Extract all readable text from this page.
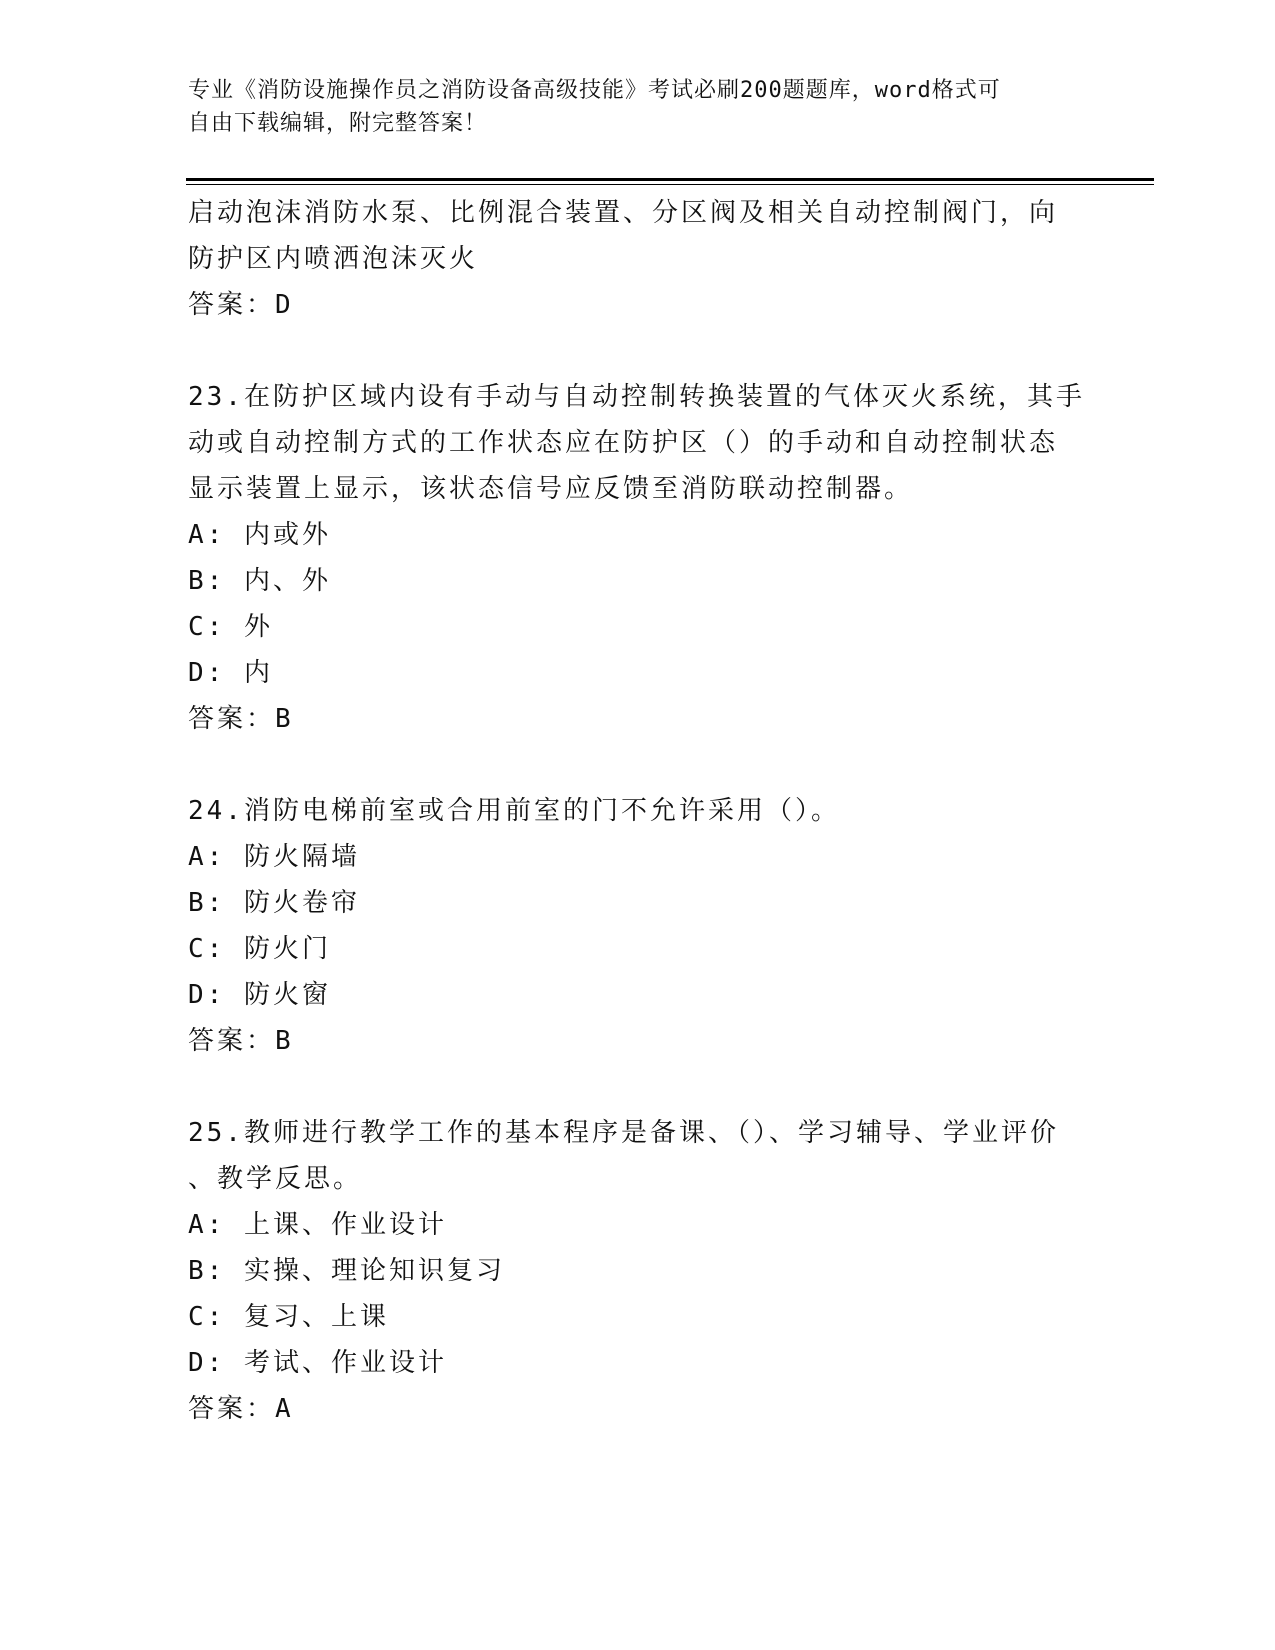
专业《消防设施操作员之消防设备高级技能》考试必刷200题题库，word格式可
自由下载编辑，附完整答案！
启动泡沫消防水泵、比例混合装置、分区阀及相关自动控制阀门，向
防护区内喷洒泡沫灭火
答案：D
23.在防护区域内设有手动与自动控制转换装置的气体灭火系统，其手
动或自动控制方式的工作状态应在防护区（）的手动和自动控制状态
显示装置上显示，该状态信号应反馈至消防联动控制器。
A: 内或外
B: 内、外
C: 外
D: 内
答案：B
24.消防电梯前室或合用前室的门不允许采用（）。
A: 防火隔墙
B: 防火卷帘
C: 防火门
D: 防火窗
答案：B
25.教师进行教学工作的基本程序是备课、（）、学习辅导、学业评价
、教学反思。
A: 上课、作业设计
B: 实操、理论知识复习
C: 复习、上课
D: 考试、作业设计
答案：A
